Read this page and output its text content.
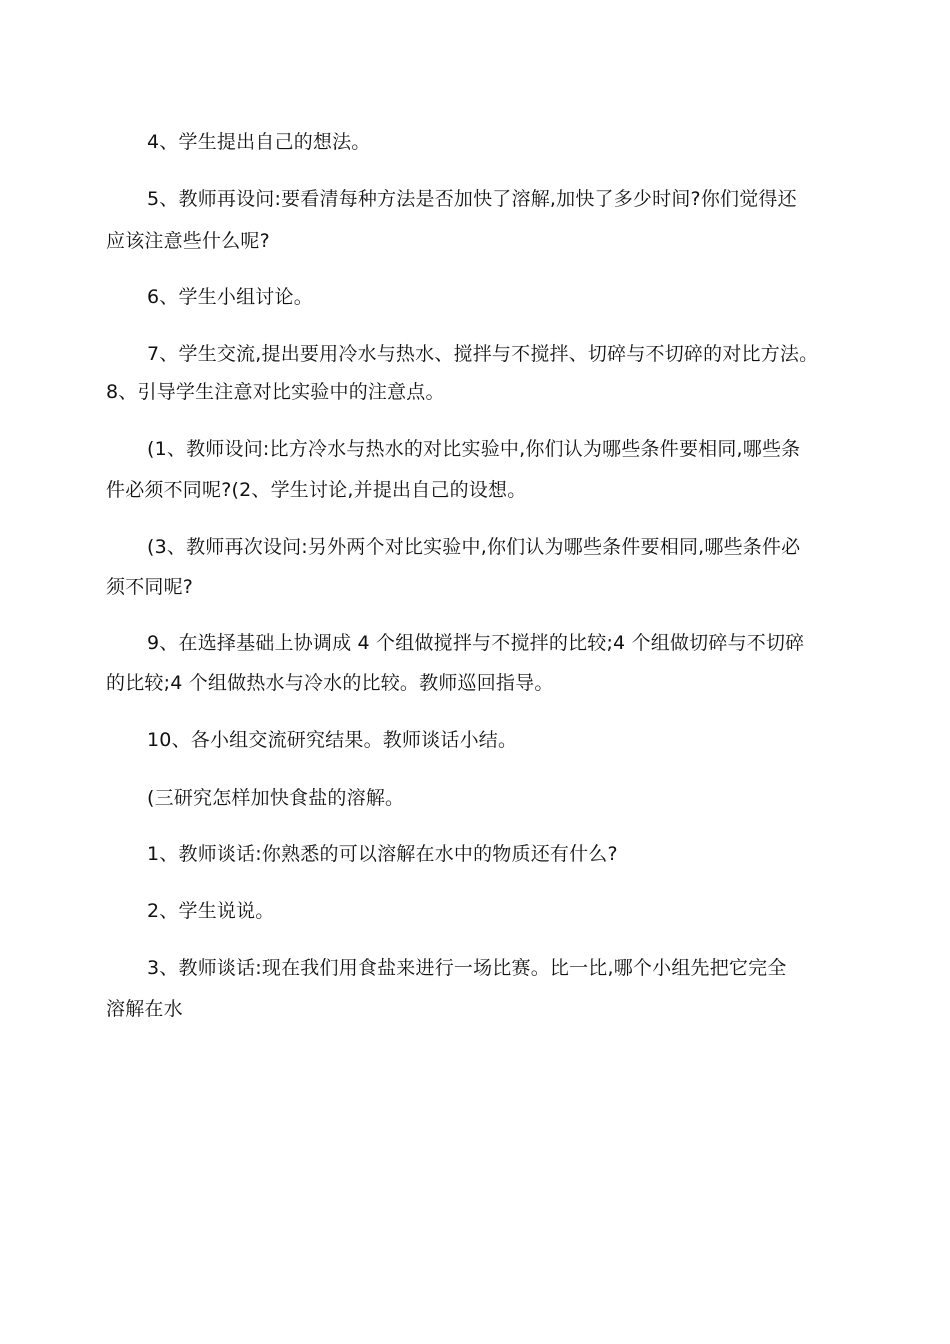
4、学生提出自己的想法。
5、教师再设问:要看清每种方法是否加快了溶解,加快了多少时间?你们觉得还
应该注意些什么呢?
6、学生小组讨论。
7、学生交流,提出要用冷水与热水、搅拌与不搅拌、切碎与不切碎的对比方法。
8、引导学生注意对比实验中的注意点。
(1、教师设问:比方冷水与热水的对比实验中,你们认为哪些条件要相同,哪些条
件必须不同呢?(2、学生讨论,并提出自己的设想。
(3、教师再次设问:另外两个对比实验中,你们认为哪些条件要相同,哪些条件必
须不同呢?
9、在选择基础上协调成 4 个组做搅拌与不搅拌的比较;4 个组做切碎与不切碎
的比较;4 个组做热水与冷水的比较。教师巡回指导。
10、各小组交流研究结果。教师谈话小结。
(三研究怎样加快食盐的溶解。
1、教师谈话:你熟悉的可以溶解在水中的物质还有什么?
2、学生说说。
3、教师谈话:现在我们用食盐来进行一场比赛。比一比,哪个小组先把它完全
溶解在水
